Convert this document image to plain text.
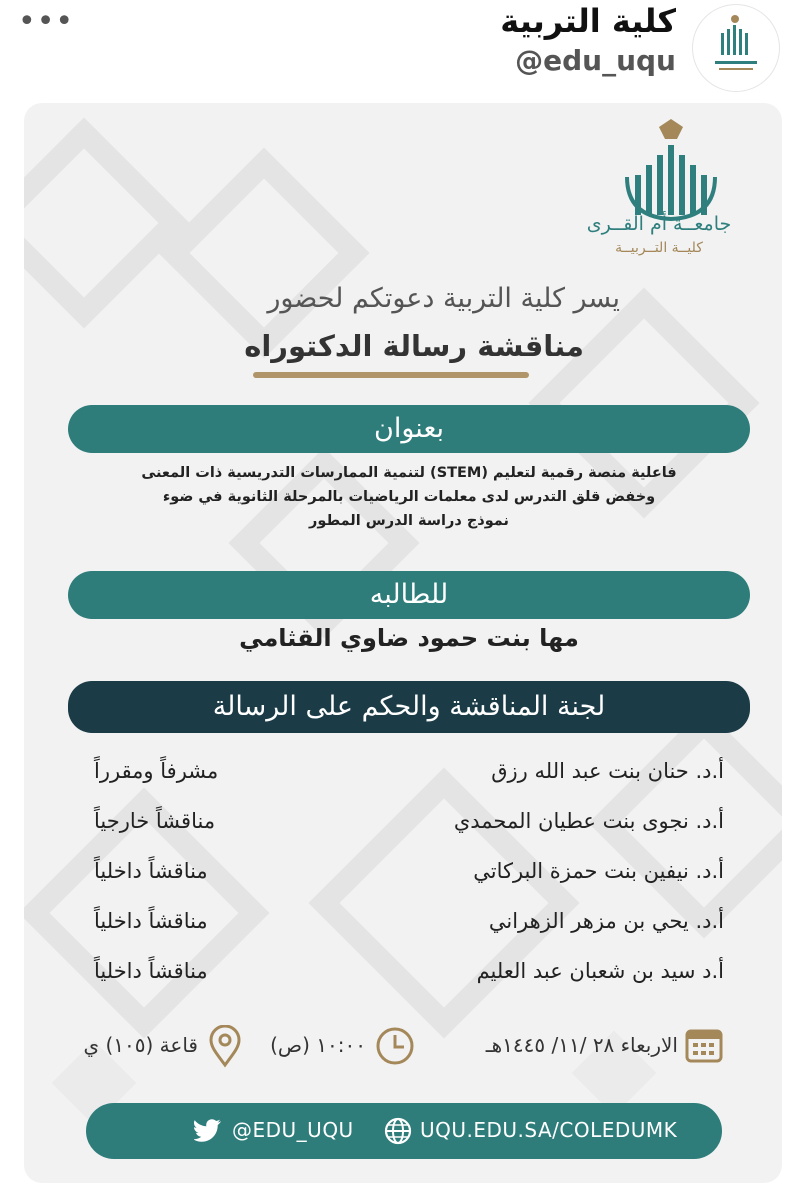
•••	كلية التربية
@edu_uqu
جامعــة أم القــرى
كليــة التــربيــة
يسر كلية التربية دعوتكم لحضور
مناقشة رسالة الدكتوراه
بعنوان
فاعلية منصة رقمية لتعليم (STEM) لتنمية الممارسات التدريسية ذات المعنى
وخفض قلق التدرس لدى معلمات الرياضيات بالمرحلة الثانوية في ضوء
نموذج دراسة الدرس المطور
للطالبه
مها بنت حمود ضاوي القثامي
لجنة المناقشة والحكم على الرسالة
أ.د. حنان بنت عبد الله رزق
مشرفاً ومقرراً
أ.د. نجوى بنت عطيان المحمدي
مناقشاً خارجياً
أ.د. نيفين بنت حمزة البركاتي
مناقشاً داخلياً
أ.د. يحي بن مزهر الزهراني
مناقشاً داخلياً
أ.د سيد بن شعبان عبد العليم
مناقشاً داخلياً
الاربعاء ٢٨ /١١/ ١٤٤٥هـ
١٠:٠٠ (ص)
قاعة (١٠٥) ي
@EDU_UQU	UQU.EDU.SA/COLEDUMK
